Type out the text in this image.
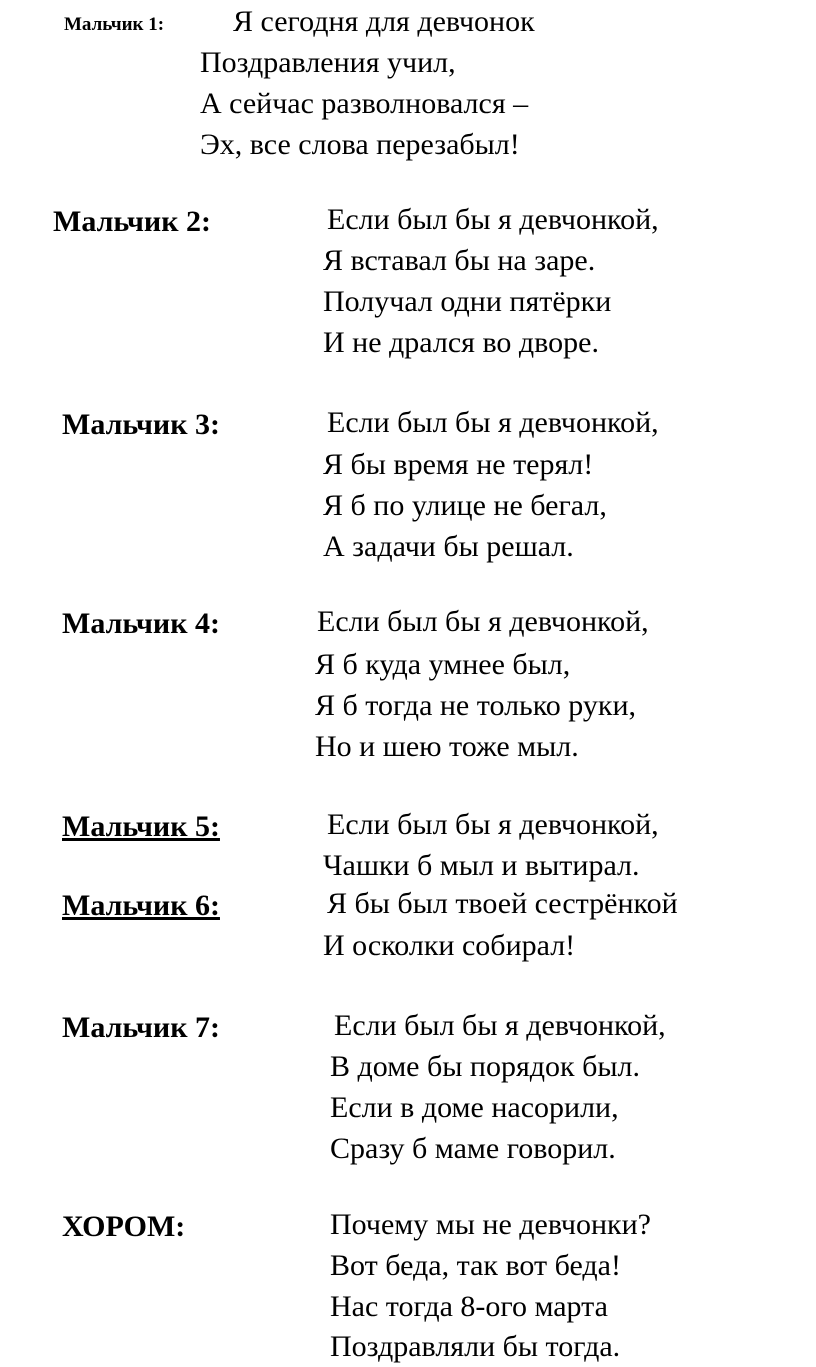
Мальчик 1: Я сегодня для девчонок
Поздравления учил,
А сейчас разволновался –
Эх, все слова перезабыл!
Мальчик 2:	Если был бы я девчонкой,
Я вставал бы на заре.
Получал одни пятёрки
И не дрался во дворе.
Мальчик 3:	Если был бы я девчонкой,
Я бы время не терял!
Я б по улице не бегал,
А задачи бы решал.
Мальчик 4:	Если был бы я девчонкой,
Я б куда умнее был,
Я б тогда не только руки,
Но и шею тоже мыл.
Мальчик 5:	Если был бы я девчонкой,
Чашки б мыл и вытирал.
Мальчик 6:	Я бы был твоей сестрёнкой
И осколки собирал!
Мальчик 7:	Если был бы я девчонкой,
В доме бы порядок был.
Если в доме насорили,
Сразу б маме говорил.
ХОРОМ:	Почему мы не девчонки?
Вот беда, так вот беда!
Нас тогда 8-ого марта
Поздравляли бы тогда.
